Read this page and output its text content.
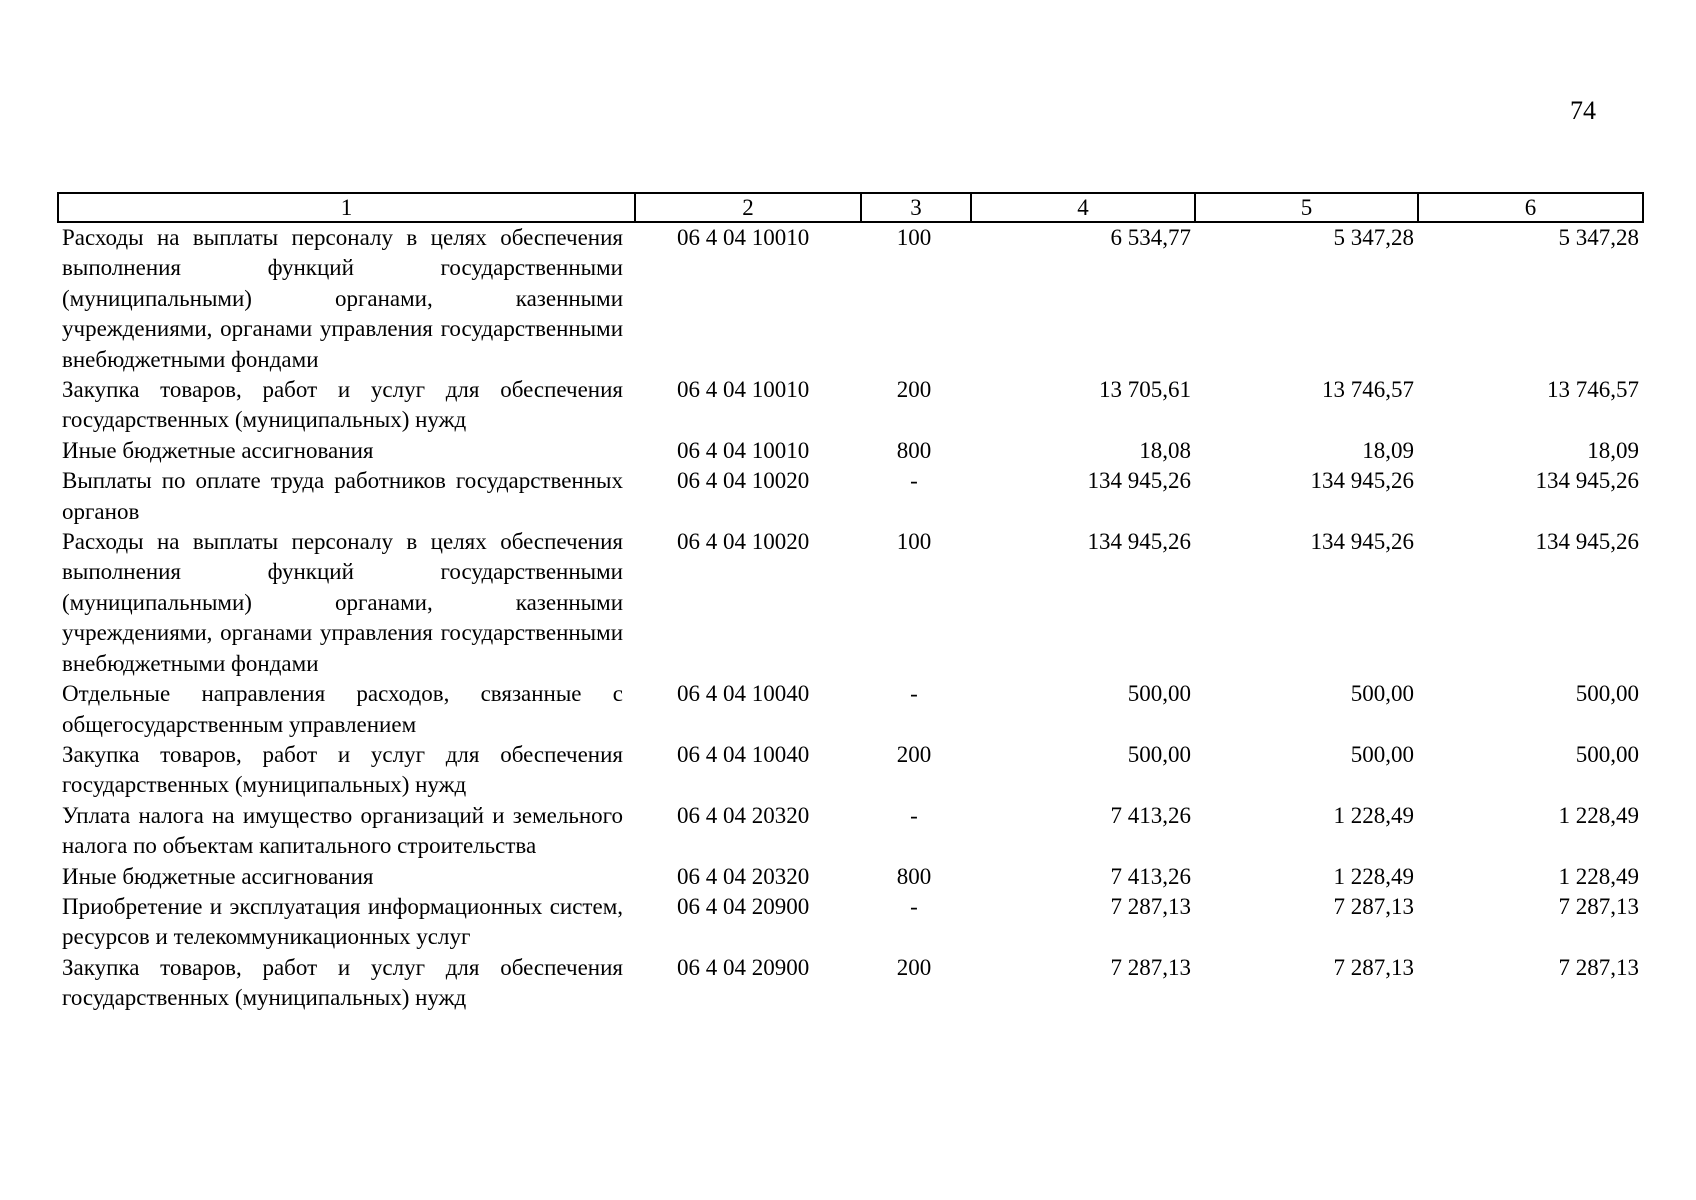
74
1	2	3	4	5	6
Расходы на выплаты персоналу в целях обеспечения выполнения функций государственными (муниципальными) органами, казенными учреждениями, органами управления государственными внебюджетными фондами	06 4 04 10010	100	6 534,77	5 347,28	5 347,28
Закупка товаров, работ и услуг для обеспечения государственных (муниципальных) нужд	06 4 04 10010	200	13 705,61	13 746,57	13 746,57
Иные бюджетные ассигнования	06 4 04 10010	800	18,08	18,09	18,09
Выплаты по оплате труда работников государственных органов	06 4 04 10020	-	134 945,26	134 945,26	134 945,26
Расходы на выплаты персоналу в целях обеспечения выполнения функций государственными (муниципальными) органами, казенными учреждениями, органами управления государственными внебюджетными фондами	06 4 04 10020	100	134 945,26	134 945,26	134 945,26
Отдельные направления расходов, связанные с общегосударственным управлением	06 4 04 10040	-	500,00	500,00	500,00
Закупка товаров, работ и услуг для обеспечения государственных (муниципальных) нужд	06 4 04 10040	200	500,00	500,00	500,00
Уплата налога на имущество организаций и земельного налога по объектам капитального строительства	06 4 04 20320	-	7 413,26	1 228,49	1 228,49
Иные бюджетные ассигнования	06 4 04 20320	800	7 413,26	1 228,49	1 228,49
Приобретение и эксплуатация информационных систем, ресурсов и телекоммуникационных услуг	06 4 04 20900	-	7 287,13	7 287,13	7 287,13
Закупка товаров, работ и услуг для обеспечения государственных (муниципальных) нужд	06 4 04 20900	200	7 287,13	7 287,13	7 287,13
